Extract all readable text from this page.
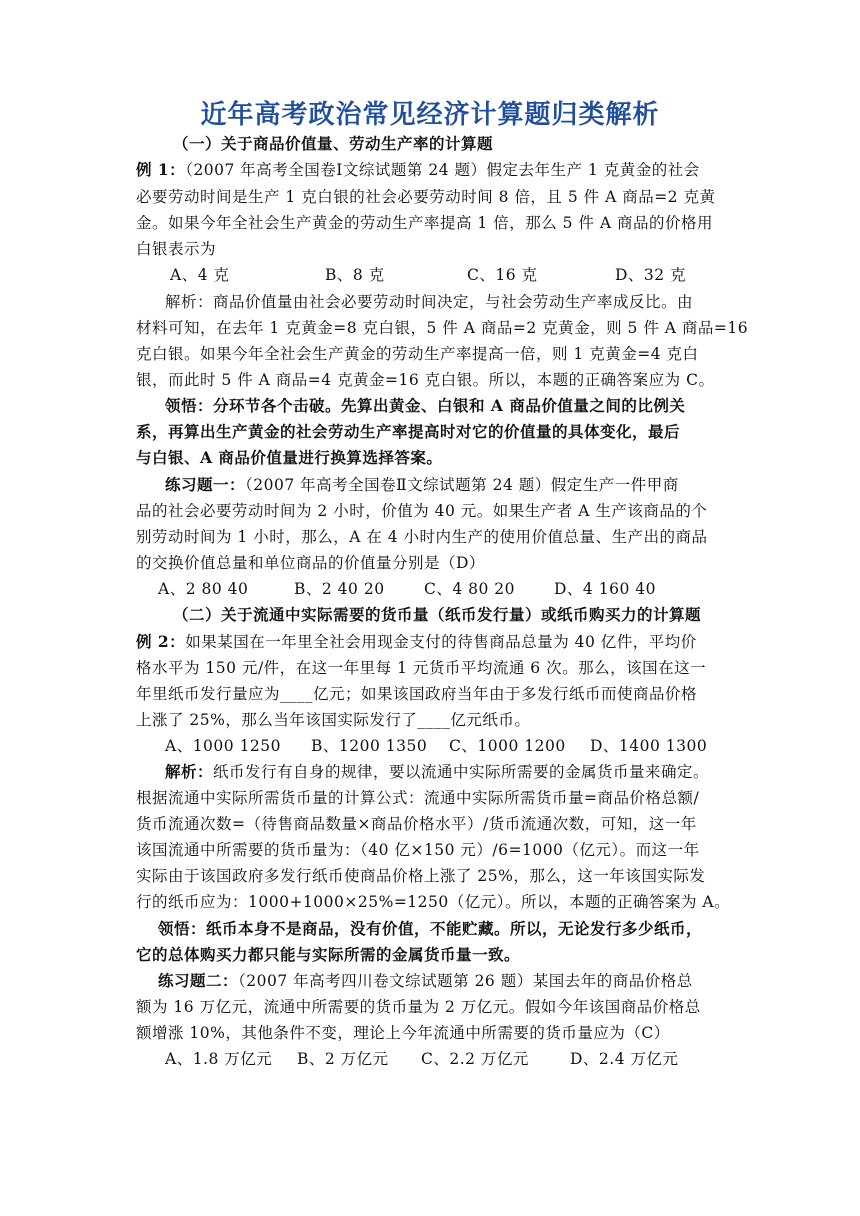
近年高考政治常见经济计算题归类解析
（一）关于商品价值量、劳动生产率的计算题
例 1：（2007 年高考全国卷Ⅰ文综试题第 24 题）假定去年生产 1 克黄金的社会
必要劳动时间是生产 1 克白银的社会必要劳动时间 8 倍，且 5 件 A 商品=2 克黄
金。如果今年全社会生产黄金的劳动生产率提高 1 倍，那么 5 件 A 商品的价格用
白银表示为
A、4 克	B、8 克	C、16 克	D、32 克
解析：商品价值量由社会必要劳动时间决定，与社会劳动生产率成反比。由
材料可知，在去年 1 克黄金=8 克白银，5 件 A 商品=2 克黄金，则 5 件 A 商品=16
克白银。如果今年全社会生产黄金的劳动生产率提高一倍，则 1 克黄金=4 克白
银，而此时 5 件 A 商品=4 克黄金=16 克白银。所以，本题的正确答案应为 C。
领悟：分环节各个击破。先算出黄金、白银和 A 商品价值量之间的比例关
系，再算出生产黄金的社会劳动生产率提高时对它的价值量的具体变化，最后
与白银、A 商品价值量进行换算选择答案。
练习题一：（2007 年高考全国卷Ⅱ文综试题第 24 题）假定生产一件甲商
品的社会必要劳动时间为 2 小时，价值为 40 元。如果生产者 A 生产该商品的个
别劳动时间为 1 小时，那么，A 在 4 小时内生产的使用价值总量、生产出的商品
的交换价值总量和单位商品的价值量分别是（D）
A、2 80 40	B、2 40 20	C、4 80 20	D、4 160 40
（二）关于流通中实际需要的货币量（纸币发行量）或纸币购买力的计算题
例 2：如果某国在一年里全社会用现金支付的待售商品总量为 40 亿件，平均价
格水平为 150 元/件，在这一年里每 1 元货币平均流通 6 次。那么，该国在这一
年里纸币发行量应为____亿元；如果该国政府当年由于多发行纸币而使商品价格
上涨了 25%，那么当年该国实际发行了____亿元纸币。
A、1000 1250 B、1200 1350 C、1000 1200 D、1400 1300
解析：纸币发行有自身的规律，要以流通中实际所需要的金属货币量来确定。
根据流通中实际所需货币量的计算公式：流通中实际所需货币量=商品价格总额/
货币流通次数=（待售商品数量×商品价格水平）/货币流通次数，可知，这一年
该国流通中所需要的货币量为：（40 亿×150 元）/6=1000（亿元）。而这一年
实际由于该国政府多发行纸币使商品价格上涨了 25%，那么，这一年该国实际发
行的纸币应为：1000+1000×25%=1250（亿元）。所以，本题的正确答案为 A。
领悟：纸币本身不是商品，没有价值，不能贮藏。所以，无论发行多少纸币，
它的总体购买力都只能与实际所需的金属货币量一致。
练习题二：（2007 年高考四川卷文综试题第 26 题）某国去年的商品价格总
额为 16 万亿元，流通中所需要的货币量为 2 万亿元。假如今年该国商品价格总
额增涨 10%，其他条件不变，理论上今年流通中所需要的货币量应为（C）
A、1.8 万亿元 B、2 万亿元 C、2.2 万亿元	D、2.4 万亿元
